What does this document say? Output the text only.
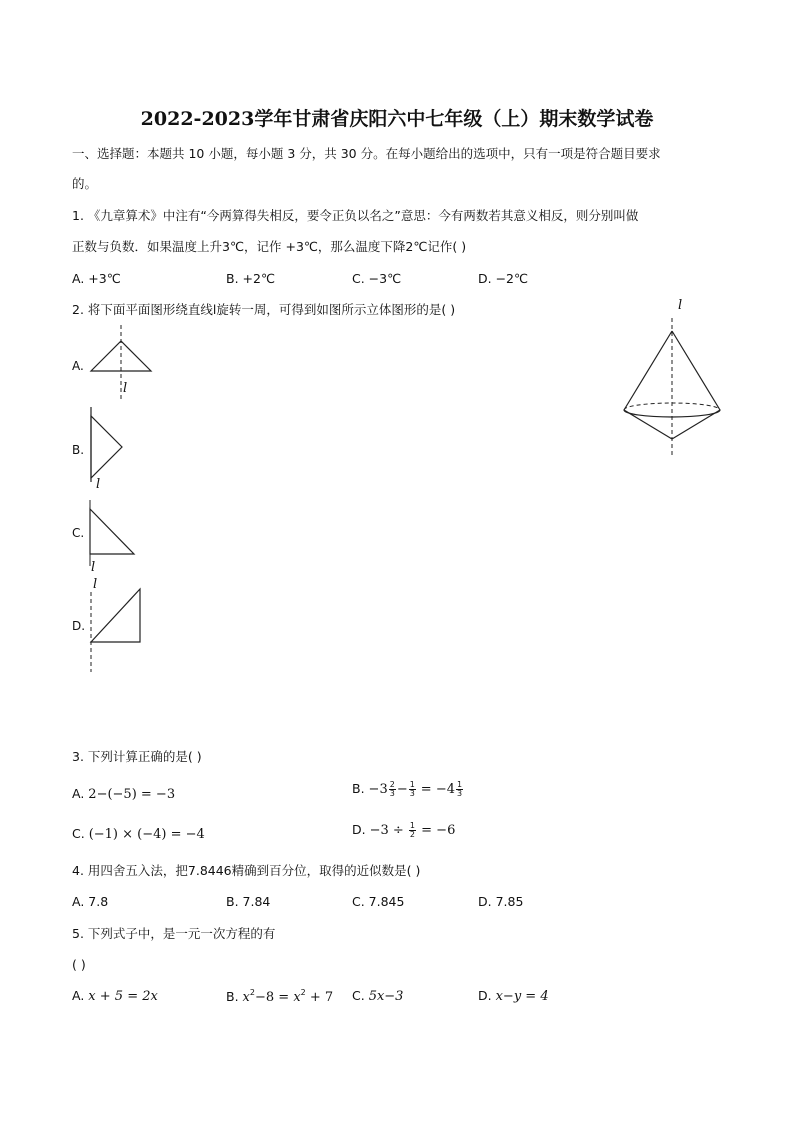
2022-2023学年甘肃省庆阳六中七年级（上）期末数学试卷
一、选择题：本题共 10 小题，每小题 3 分，共 30 分。在每小题给出的选项中，只有一项是符合题目要求
的。
1. 《九章算术》中注有“今两算得失相反，要令正负以名之”意思：今有两数若其意义相反，则分别叫做
正数与负数．如果温度上升3℃，记作 +3℃，那么温度下降2℃记作( )
A. +3℃	B. +2℃	C. −3℃	D. −2℃
2. 将下面平面图形绕直线l旋转一周，可得到如图所示立体图形的是( )
A.
l
B.
l
C.
l
l
D.
l
3. 下列计算正确的是( )
A. 2−(−5) = −3	B. $-3 \frac{2}{3} - \frac{1}{3} = -4 \frac{1}{3}$
C. (−1) × (−4) = −4	D. $-3 \div \frac{1}{2} = -6$
4. 用四舍五入法，把7.8446精确到百分位，取得的近似数是( )
A. 7.8	B. 7.84	C. 7.845	D. 7.85
5. 下列式子中，是一元一次方程的有
( )
A. x + 5 = 2x	B. $x^2-8 = x^2 + 7$ C. 5x−3	D. x−y = 4
